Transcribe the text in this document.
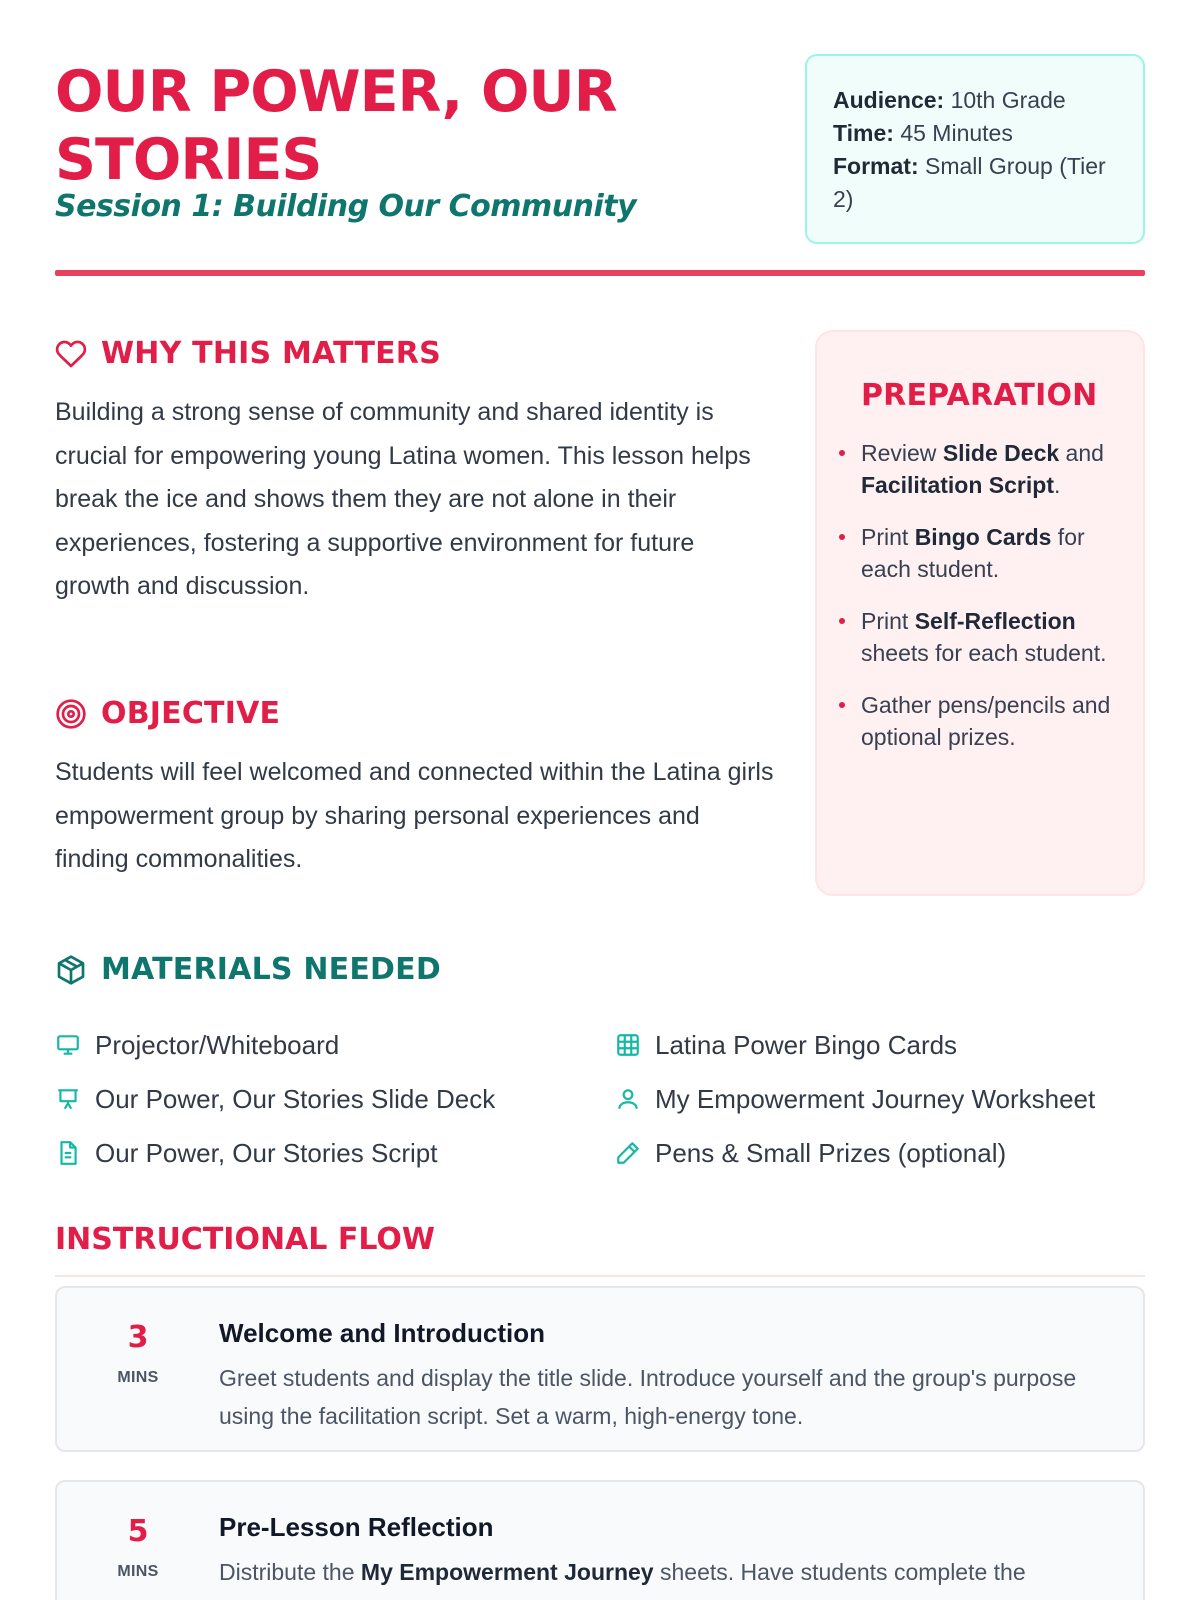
OUR POWER, OUR STORIES
Session 1: Building Our Community
Audience: 10th Grade
Time: 45 Minutes
Format: Small Group (Tier 2)
WHY THIS MATTERS

Building a strong sense of community and shared identity is crucial for empowering young Latina women. This lesson helps break the ice and shows them they are not alone in their experiences, fostering a supportive environment for future growth and discussion.

OBJECTIVE

Students will feel welcomed and connected within the Latina girls empowerment group by sharing personal experiences and finding commonalities.

PREPARATION
Review Slide Deck and Facilitation Script.
Print Bingo Cards for each student.
Print Self-Reflection sheets for each student.
Gather pens/pencils and optional prizes.
MATERIALS NEEDED
Projector/Whiteboard	Latina Power Bingo Cards
Our Power, Our Stories Slide Deck	My Empowerment Journey Worksheet
Our Power, Our Stories Script	Pens & Small Prizes (optional)
INSTRUCTIONAL FLOW
3
MINS
Welcome and Introduction
Greet students and display the title slide. Introduce yourself and the group's purpose using the facilitation script. Set a warm, high-energy tone.
5
MINS
Pre-Lesson Reflection
Distribute the My Empowerment Journey sheets. Have students complete the
